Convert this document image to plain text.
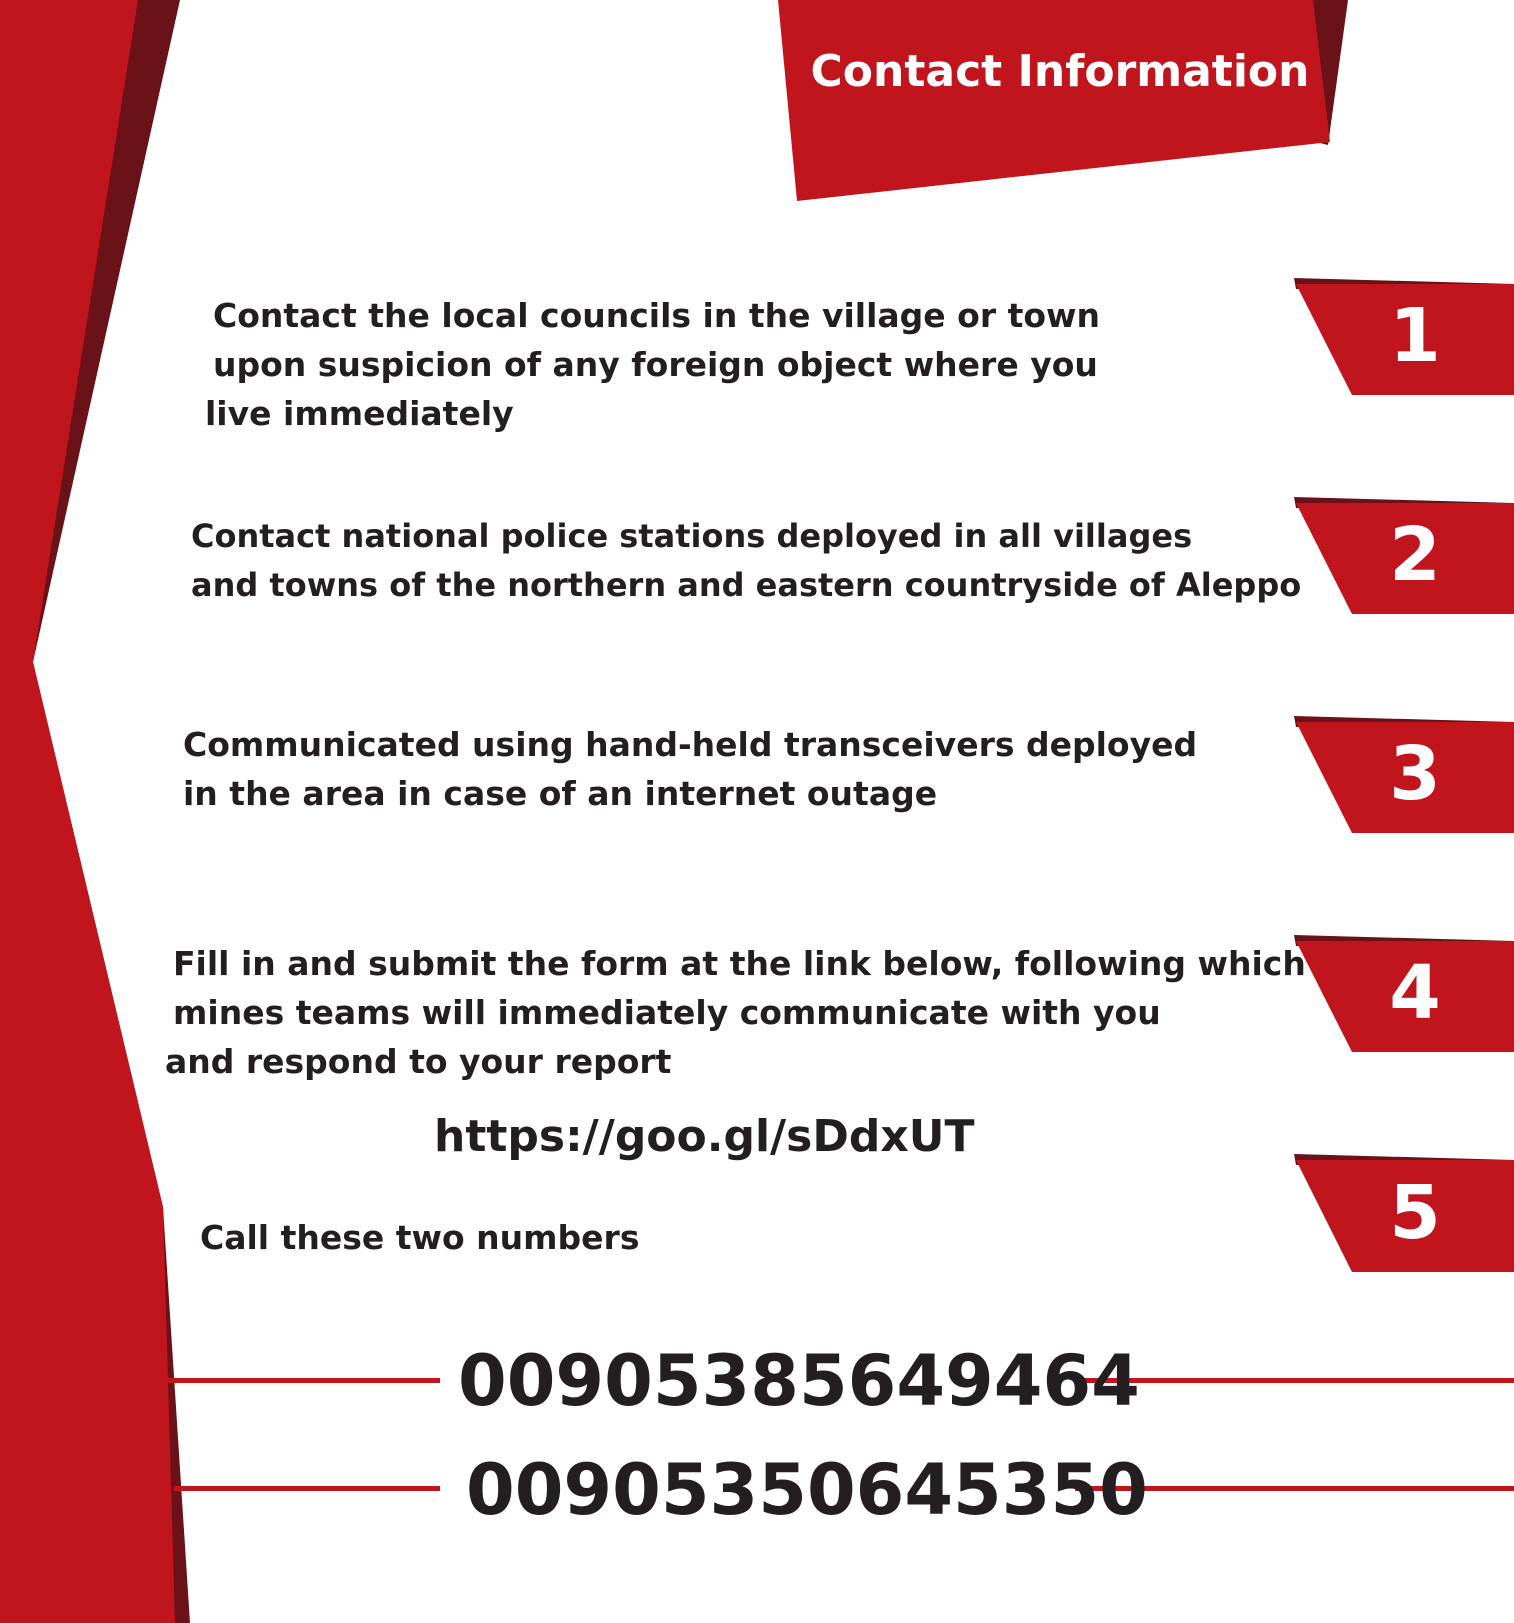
Contact Information
Contact the local councils in the village or town
upon suspicion of any foreign object where you
live immediately
1
Contact national police stations deployed in all villages
and towns of the northern and eastern countryside of Aleppo	2
Communicated using hand-held transceivers deployed
in the area in case of an internet outage	3
Fill in and submit the form at the link below, following which
mines teams will immediately communicate with you
and respond to your report
4
https://goo.gl/sDdxUT
Call these two numbers	5
00905385649464
00905350645350
